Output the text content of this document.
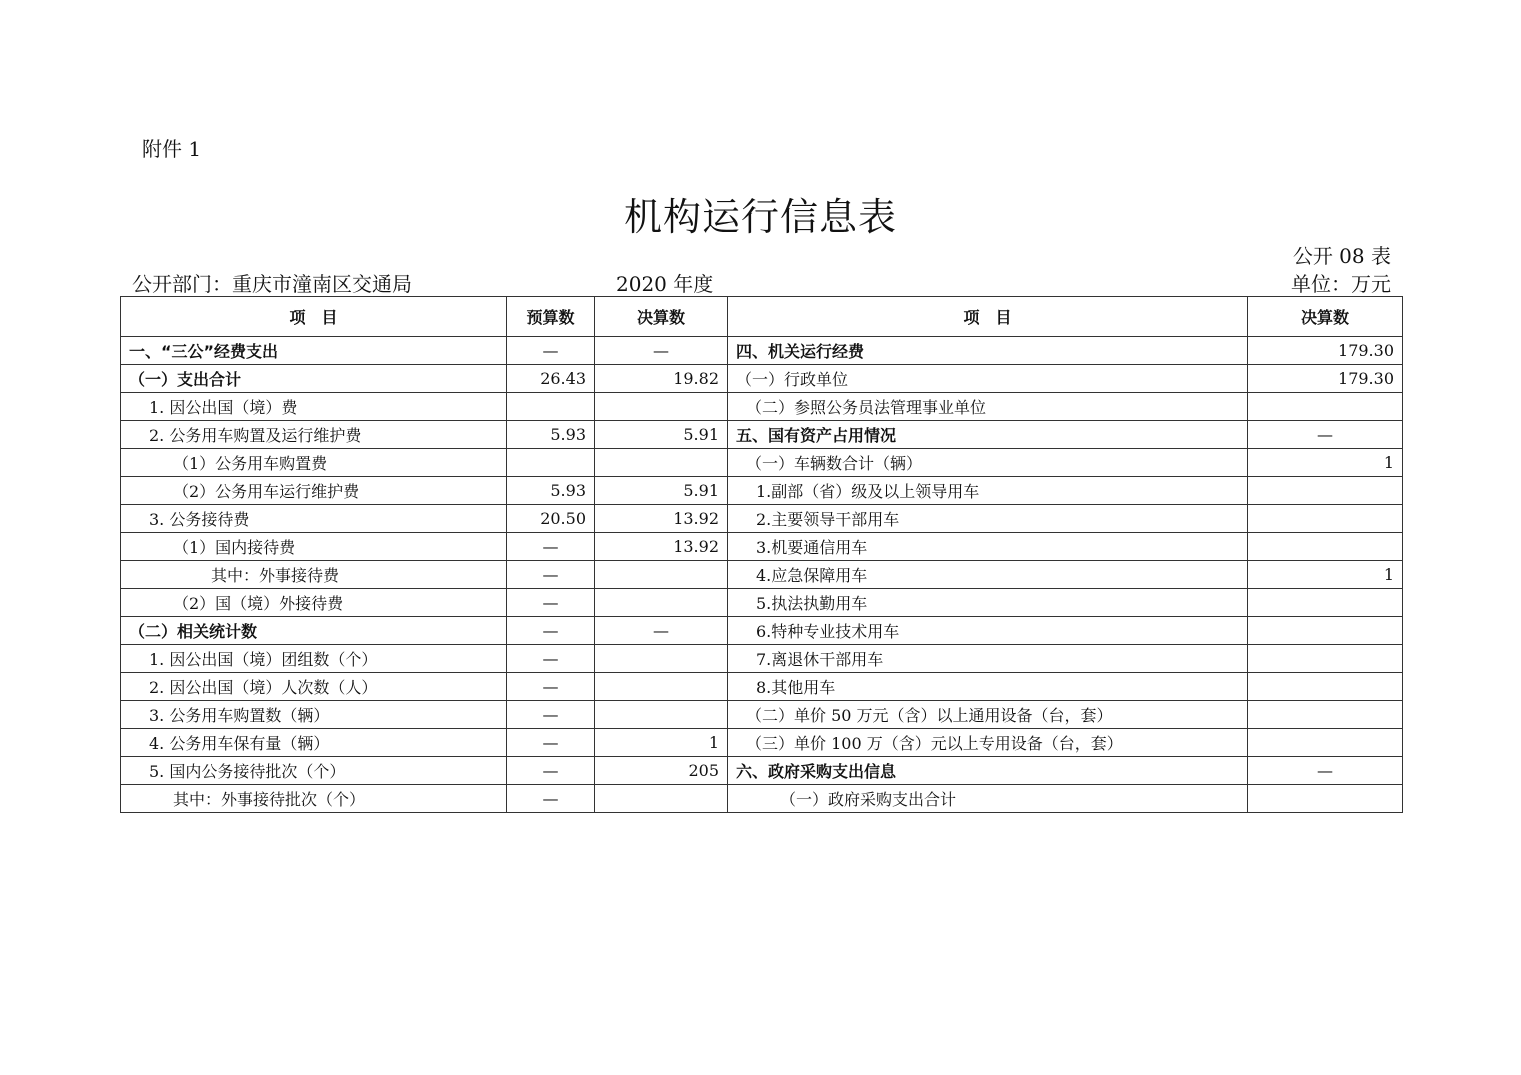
附件 1
机构运行信息表
公开 08 表
公开部门：重庆市潼南区交通局	2020 年度	单位：万元
项　目	预算数	决算数	项　目	决算数
一、“三公”经费支出	—	—	四、机关运行经费	179.30
（一）支出合计	26.43	19.82	（一）行政单位	179.30
1. 因公出国（境）费			（二）参照公务员法管理事业单位	
2. 公务用车购置及运行维护费	5.93	5.91	五、国有资产占用情况	—
（1）公务用车购置费			（一）车辆数合计（辆）	1
（2）公务用车运行维护费	5.93	5.91	1.副部（省）级及以上领导用车	
3. 公务接待费	20.50	13.92	2.主要领导干部用车	
（1）国内接待费	—	13.92	3.机要通信用车	
其中：外事接待费	—		4.应急保障用车	1
（2）国（境）外接待费	—		5.执法执勤用车	
（二）相关统计数	—	—	6.特种专业技术用车	
1. 因公出国（境）团组数（个）	—		7.离退休干部用车	
2. 因公出国（境）人次数（人）	—		8.其他用车	
3. 公务用车购置数（辆）	—		（二）单价 50 万元（含）以上通用设备（台，套）	
4. 公务用车保有量（辆）	—	1	（三）单价 100 万（含）元以上专用设备（台，套）	
5. 国内公务接待批次（个）	—	205	六、政府采购支出信息	—
其中：外事接待批次（个）	—		（一）政府采购支出合计	
